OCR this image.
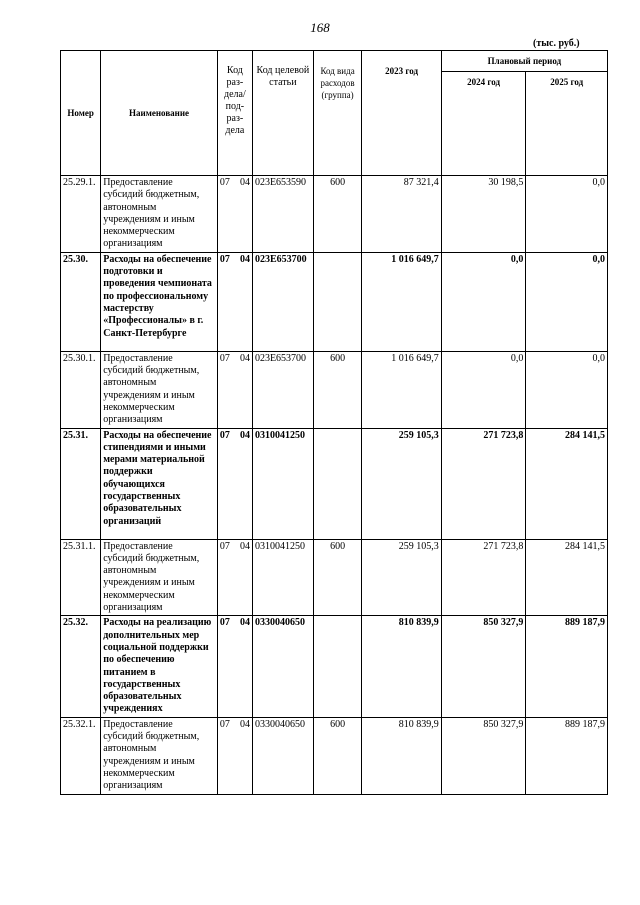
168
(тыс. руб.)
Номер	Наименование	Код раз-дела/ под-раз-дела	Код целевой статьи	Код вида расходов (группа)	2023 год	Плановый период	
						2024 год	2025 год
25.29.1.	Предоставление субсидий бюджетным, автономным учреждениям и иным некоммерческим организациям	07 04	023Е653590	600	87 321,4	30 198,5	0,0
25.30.	Расходы на обеспечение подготовки и проведения чемпионата по профессиональному мастерству «Профессионалы» в г. Санкт-Петербурге	07 04	023Е653700		1 016 649,7	0,0	0,0
25.30.1.	Предоставление субсидий бюджетным, автономным учреждениям и иным некоммерческим организациям	07 04	023Е653700	600	1 016 649,7	0,0	0,0
25.31.	Расходы на обеспечение стипендиями и иными мерами материальной поддержки обучающихся государственных образовательных организаций	07 04	0310041250		259 105,3	271 723,8	284 141,5
25.31.1.	Предоставление субсидий бюджетным, автономным учреждениям и иным некоммерческим организациям	07 04	0310041250	600	259 105,3	271 723,8	284 141,5
25.32.	Расходы на реализацию дополнительных мер социальной поддержки по обеспечению питанием в государственных образовательных учреждениях	07 04	0330040650		810 839,9	850 327,9	889 187,9
25.32.1.	Предоставление субсидий бюджетным, автономным учреждениям и иным некоммерческим организациям	07 04	0330040650	600	810 839,9	850 327,9	889 187,9
